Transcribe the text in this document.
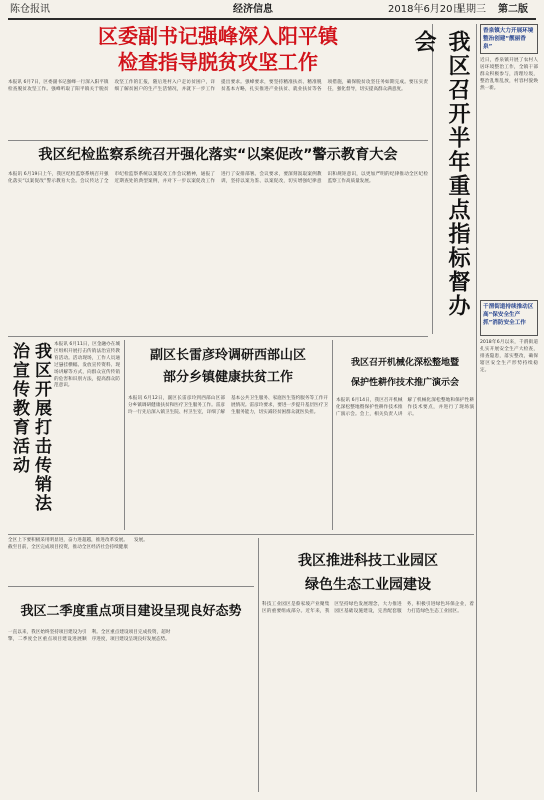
陈仓报讯	经济信息	2018年6月20日
星期三 第二版
区委副书记强峰深入阳平镇
检查指导脱贫攻坚工作
本报讯 6月7日，区委副书记强峰一行深入阳平镇检查脱贫攻坚工作。强峰听取了阳平镇关于脱贫攻坚工作的汇报，随后进村入户走访贫困户，详细了解贫困户的生产生活情况，并就下一步工作提出要求。强峰要求，要坚持精准扶贫、精准脱贫基本方略，扎实推进产业扶贫、就业扶贫等各项措施，确保脱贫攻坚任务如期完成。要压实责任，强化督导，切实提高群众满意度。
我区纪检监察系统召开强化落实“以案促改”警示教育大会
本报讯 6月19日上午，我区纪检监察系统召开强化落实“以案促改”警示教育大会。会议传达了全市纪检监察系统以案促改工作会议精神，通报了近期查处的典型案例，并对下一步以案促改工作进行了安排部署。会议要求，要深刻汲取案例教训，坚持以案为鉴、以案促改，切实增强纪律意识和规矩意识，以更加严明的纪律推动全区纪检监察工作高质量发展。	我区召开半年重点指标督办会	香泉镇大力开展环境整治创建“靓丽香泉”
近日，香泉镇开展了农村人居环境整治工作，全镇干部群众积极参与，清理垃圾，整治乱堆乱放，村容村貌焕然一新。
千渭街道持续推动区高“保安全生产 抓”消防安全工作
2018年6月以来，千渭街道扎实开展安全生产大检查，排查隐患，落实整改，确保辖区安全生产形势持续稳定。
我区开展打击传销法治宣传教育活动	本报讯 6月11日，区金融办在城区组织开展打击传销法治宣传教育活动。活动现场，工作人员通过悬挂横幅、发放宣传资料、现场讲解等方式，向群众宣传传销的危害和识别方法，提高群众防范意识。
副区长雷彦玲调研西部山区
部分乡镇健康扶贫工作
本报讯 6月12日，副区长雷彦玲到西部山区部分乡镇调研健康扶贫和医疗卫生服务工作。雷彦玲一行先后深入镇卫生院、村卫生室，详细了解基本公共卫生服务、家庭医生签约服务等工作开展情况。雷彦玲要求，要进一步提升基层医疗卫生服务能力，切实减轻贫困群众就医负担。
我区召开机械化深松整地暨
保护性耕作技术推广演示会
本报讯 6月14日，我区召开机械化深松整地暨保护性耕作技术推广演示会。会上，相关负责人讲解了机械化深松整地和保护性耕作技术要点，并进行了现场演示。
全区上下要积极采用明显进，奋力进超越，推进改革发展。截至目前，全区完成项目投资，推动全区经济社会持续健康发展。
我区二季度重点项目建设呈现良好态势
一直以来，我区始终坚持项目建设为引擎，二季度全区重点项目建设进展顺利。全区重点建设项目完成投资，超时序进度，项目建设呈现良好发展态势。
我区推进科技工业园区
绿色生态工业园建设
科技工业园区是蔡家坡产业聚集区的重要组成部分。近年来，我区坚持绿色发展理念，大力推进园区基础设施建设，完善配套服务，积极引进绿色环保企业，着力打造绿色生态工业园区。
